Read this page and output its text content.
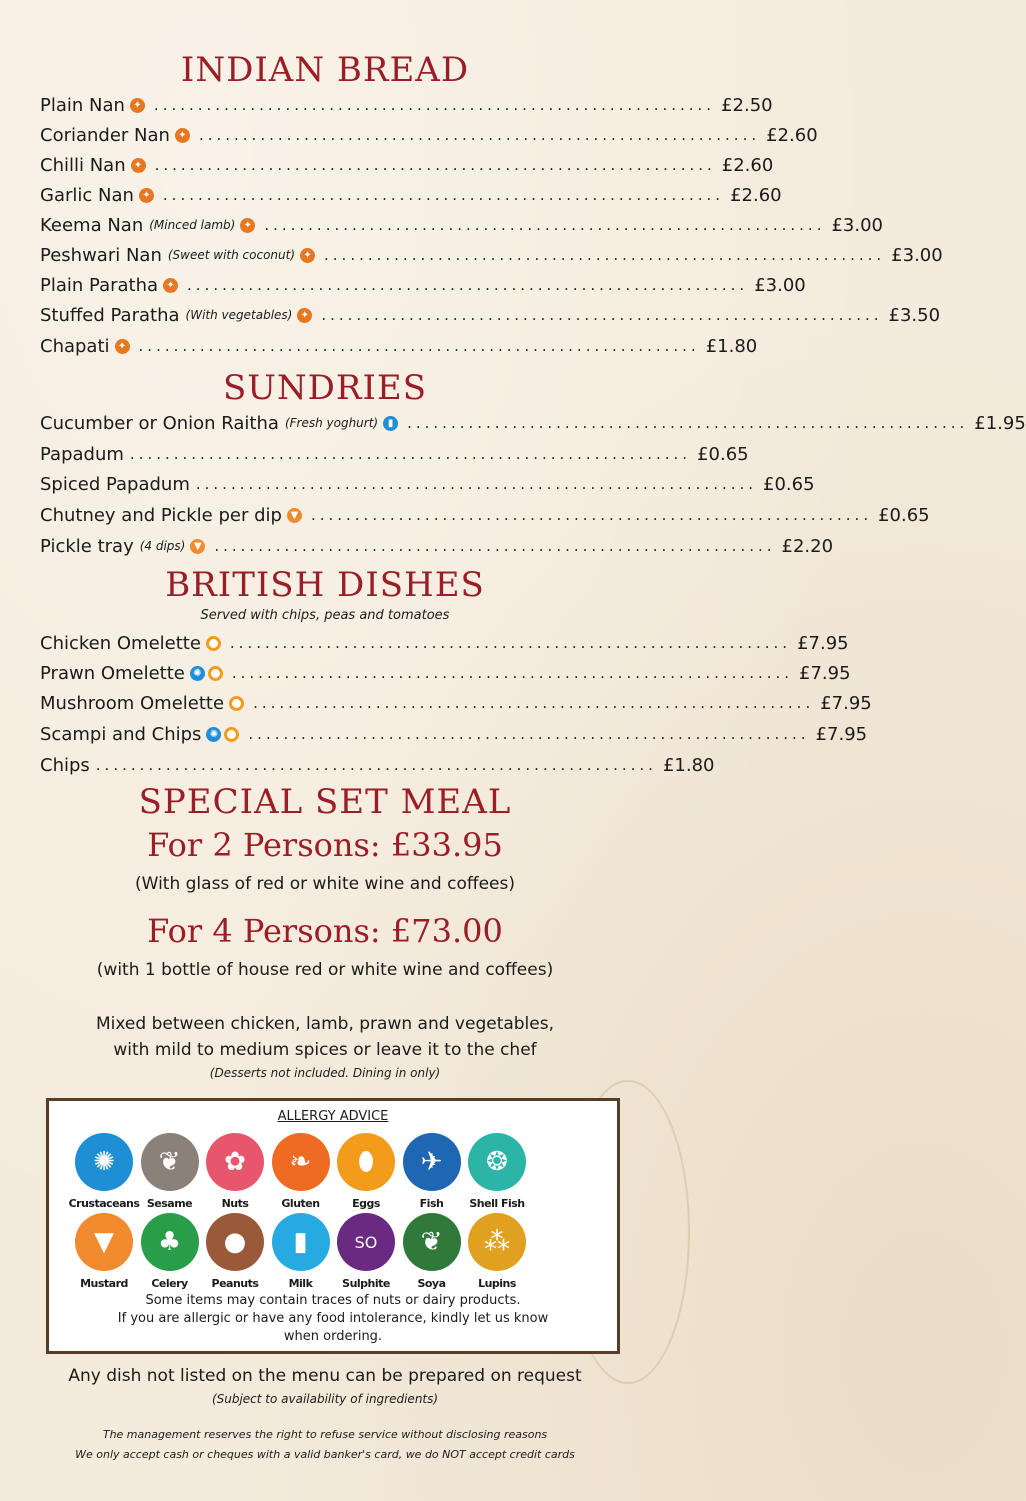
INDIAN BREAD
Plain Nan ✦ ................................................................ £2.50
Coriander Nan ✦ ................................................................ £2.60
Chilli Nan ✦ ................................................................ £2.60
Garlic Nan ✦ ................................................................ £2.60
Keema Nan (Minced lamb) ✦ ................................................................ £3.00
Peshwari Nan (Sweet with coconut) ✦ ................................................................ £3.00
Plain Paratha ✦ ................................................................ £3.00
Stuffed Paratha (With vegetables) ✦ ................................................................ £3.50
Chapati ✦ ................................................................ £1.80
SUNDRIES
Cucumber or Onion Raitha (Fresh yoghurt) ▮ ................................................................ £1.95
Papadum ................................................................ £0.65
Spiced Papadum ................................................................ £0.65
Chutney and Pickle per dip ▼ ................................................................ £0.65
Pickle tray (4 dips) ▼ ................................................................ £2.20
BRITISH DISHES
Served with chips, peas and tomatoes
Chicken Omelette ................................................................ £7.95
Prawn Omelette ✺ ................................................................ £7.95
Mushroom Omelette ................................................................ £7.95
Scampi and Chips ✺ ................................................................ £7.95
Chips ................................................................ £1.80
SPECIAL SET MEAL
For 2 Persons: £33.95
(With glass of red or white wine and coffees)
For 4 Persons: £73.00
(with 1 bottle of house red or white wine and coffees)
Mixed between chicken, lamb, prawn and vegetables,
with mild to medium spices or leave it to the chef
(Desserts not included. Dining in only)
ALLERGY ADVICE
✺
Crustaceans
❦
Sesame
✿
Nuts
❧
Gluten
⬮
Eggs
✈
Fish
❂
Shell Fish
▼
Mustard
♣
Celery
●
Peanuts
▮
Milk
SO
Sulphite
❦
Soya
⁂
Lupins
Some items may contain traces of nuts or dairy products.
If you are allergic or have any food intolerance, kindly let us know
when ordering.
Any dish not listed on the menu can be prepared on request
(Subject to availability of ingredients)
The management reserves the right to refuse service without disclosing reasons
We only accept cash or cheques with a valid banker's card, we do NOT accept credit cards
